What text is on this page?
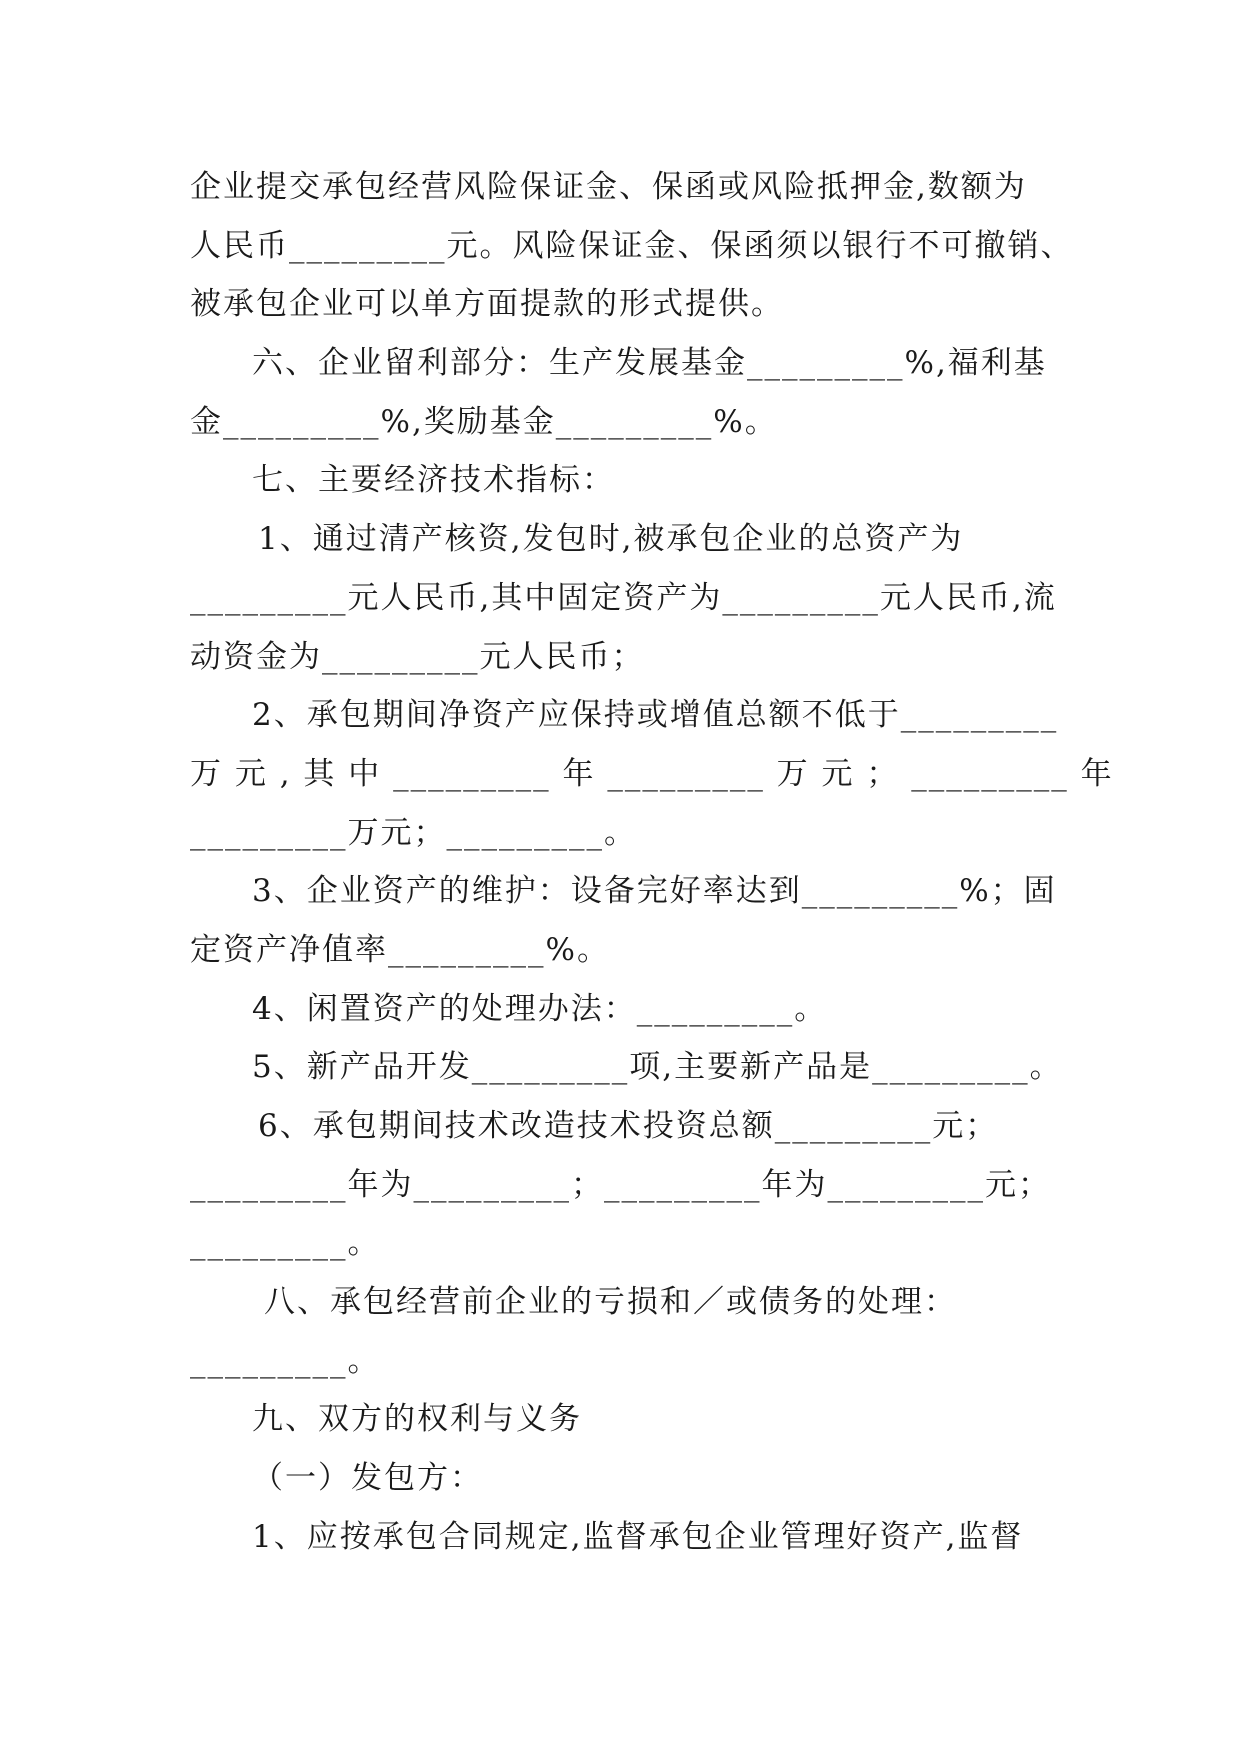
企业提交承包经营风险保证金、保函或风险抵押金,数额为
人民币_________元。风险保证金、保函须以银行不可撤销、
被承包企业可以单方面提款的形式提供。
六、企业留利部分：生产发展基金_________%,福利基
金_________%,奖励基金_________%。
七、主要经济技术指标：
1、通过清产核资,发包时,被承包企业的总资产为
_________元人民币,其中固定资产为_________元人民币,流
动资金为_________元人民币；
2、承包期间净资产应保持或增值总额不低于_________
万 元 , 其 中 _________ 年 _________ 万 元 ； _________ 年
_________万元；_________。
3、企业资产的维护：设备完好率达到_________%；固
定资产净值率_________%。
4、闲置资产的处理办法：_________。
5、新产品开发_________项,主要新产品是_________。
6、承包期间技术改造技术投资总额_________元；
_________年为_________；_________年为_________元；
_________。
八、承包经营前企业的亏损和／或债务的处理：
_________。
九、双方的权利与义务
（一）发包方：
1、应按承包合同规定,监督承包企业管理好资产,监督
